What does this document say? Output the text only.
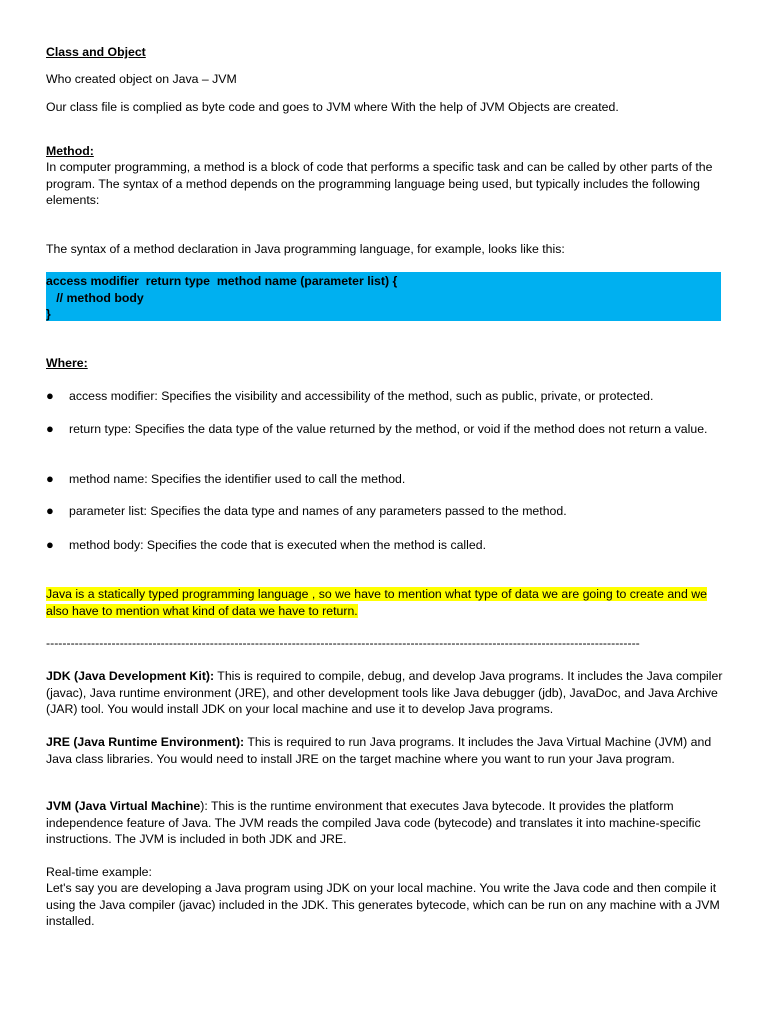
Class and Object

Who created object on Java – JVM

Our class file is complied as byte code and goes to JVM where With the help of JVM Objects are created.

Method:

In computer programming, a method is a block of code that performs a specific task and can be called by other parts of the program. The syntax of a method depends on the programming language being used, but typically includes the following elements:

The syntax of a method declaration in Java programming language, for example, looks like this:

access modifier  return type  method name (parameter list) {
// method body
}

Where:

● access modifier: Specifies the visibility and accessibility of the method, such as public, private, or protected.
● return type: Specifies the data type of the value returned by the method, or void if the method does not return a value.
● method name: Specifies the identifier used to call the method.
● parameter list: Specifies the data type and names of any parameters passed to the method.
● method body: Specifies the code that is executed when the method is called.

Java is a statically typed programming language , so we have to mention what type of data we are going to create and we also have to mention what kind of data we have to return.

-------------------------------------------------------------------------------------------------------------------------------------------------

JDK (Java Development Kit): This is required to compile, debug, and develop Java programs. It includes the Java compiler (javac), Java runtime environment (JRE), and other development tools like Java debugger (jdb), JavaDoc, and Java Archive (JAR) tool. You would install JDK on your local machine and use it to develop Java programs.

JRE (Java Runtime Environment): This is required to run Java programs. It includes the Java Virtual Machine (JVM) and Java class libraries. You would need to install JRE on the target machine where you want to run your Java program.

JVM (Java Virtual Machine): This is the runtime environment that executes Java bytecode. It provides the platform independence feature of Java. The JVM reads the compiled Java code (bytecode) and translates it into machine-specific instructions. The JVM is included in both JDK and JRE.

Real-time example:

Let's say you are developing a Java program using JDK on your local machine. You write the Java code and then compile it using the Java compiler (javac) included in the JDK. This generates bytecode, which can be run on any machine with a JVM installed.
